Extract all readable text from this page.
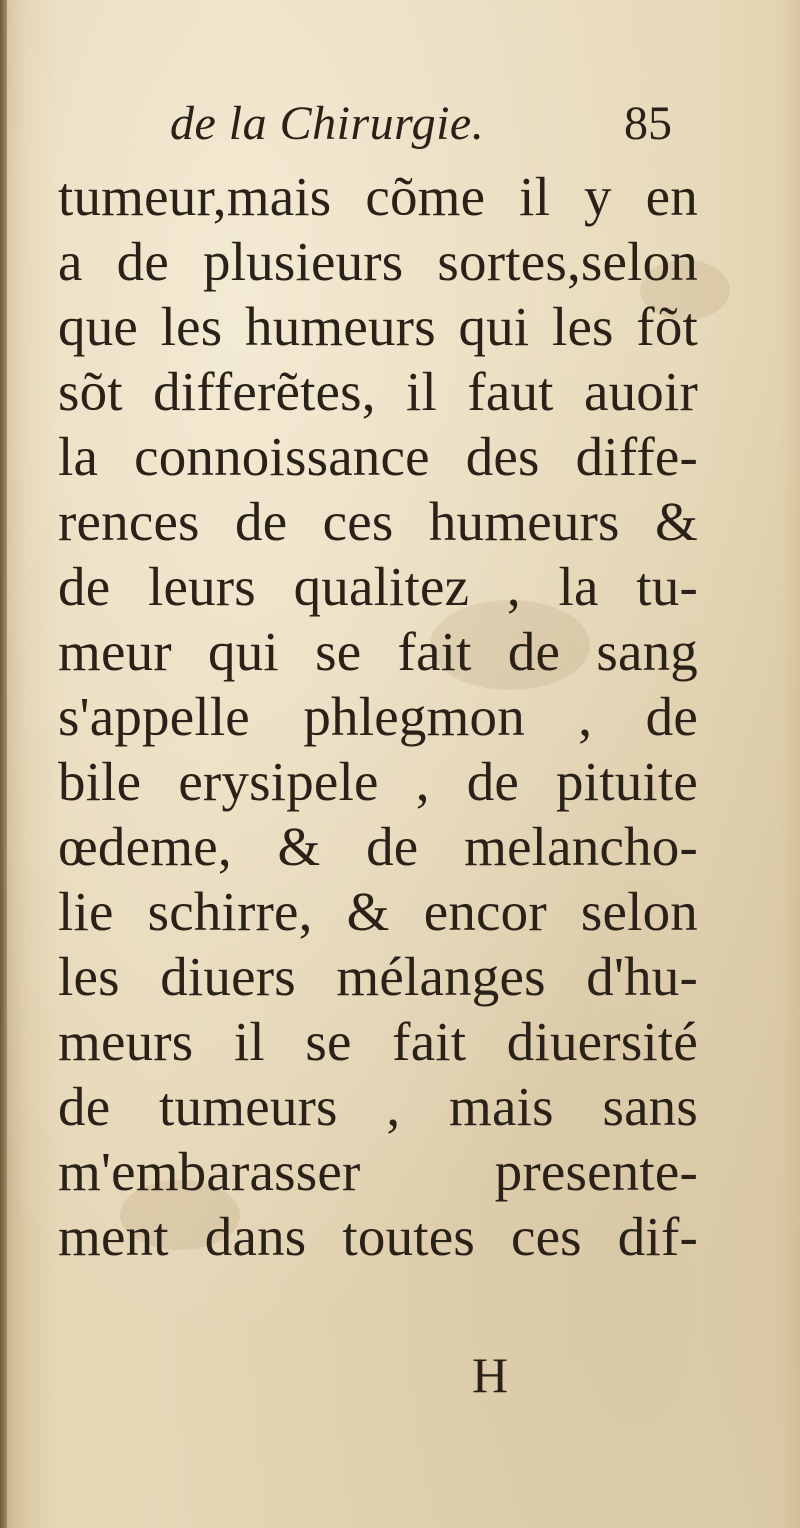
de la Chirurgie.	85
tumeur,mais cõme il y en
a de plusieurs sortes,selon
que les humeurs qui les fõt
sõt differẽtes, il faut auoir
la connoissance des diffe-
rences de ces humeurs &
de leurs qualitez , la tu-
meur qui se fait de sang
s'appelle phlegmon , de
bile erysipele , de pituite
œdeme, & de melancho-
lie schirre, & encor selon
les diuers mélanges d'hu-
meurs il se fait diuersité
de tumeurs , mais sans
m'embarasser presente-
ment dans toutes ces dif-
H
